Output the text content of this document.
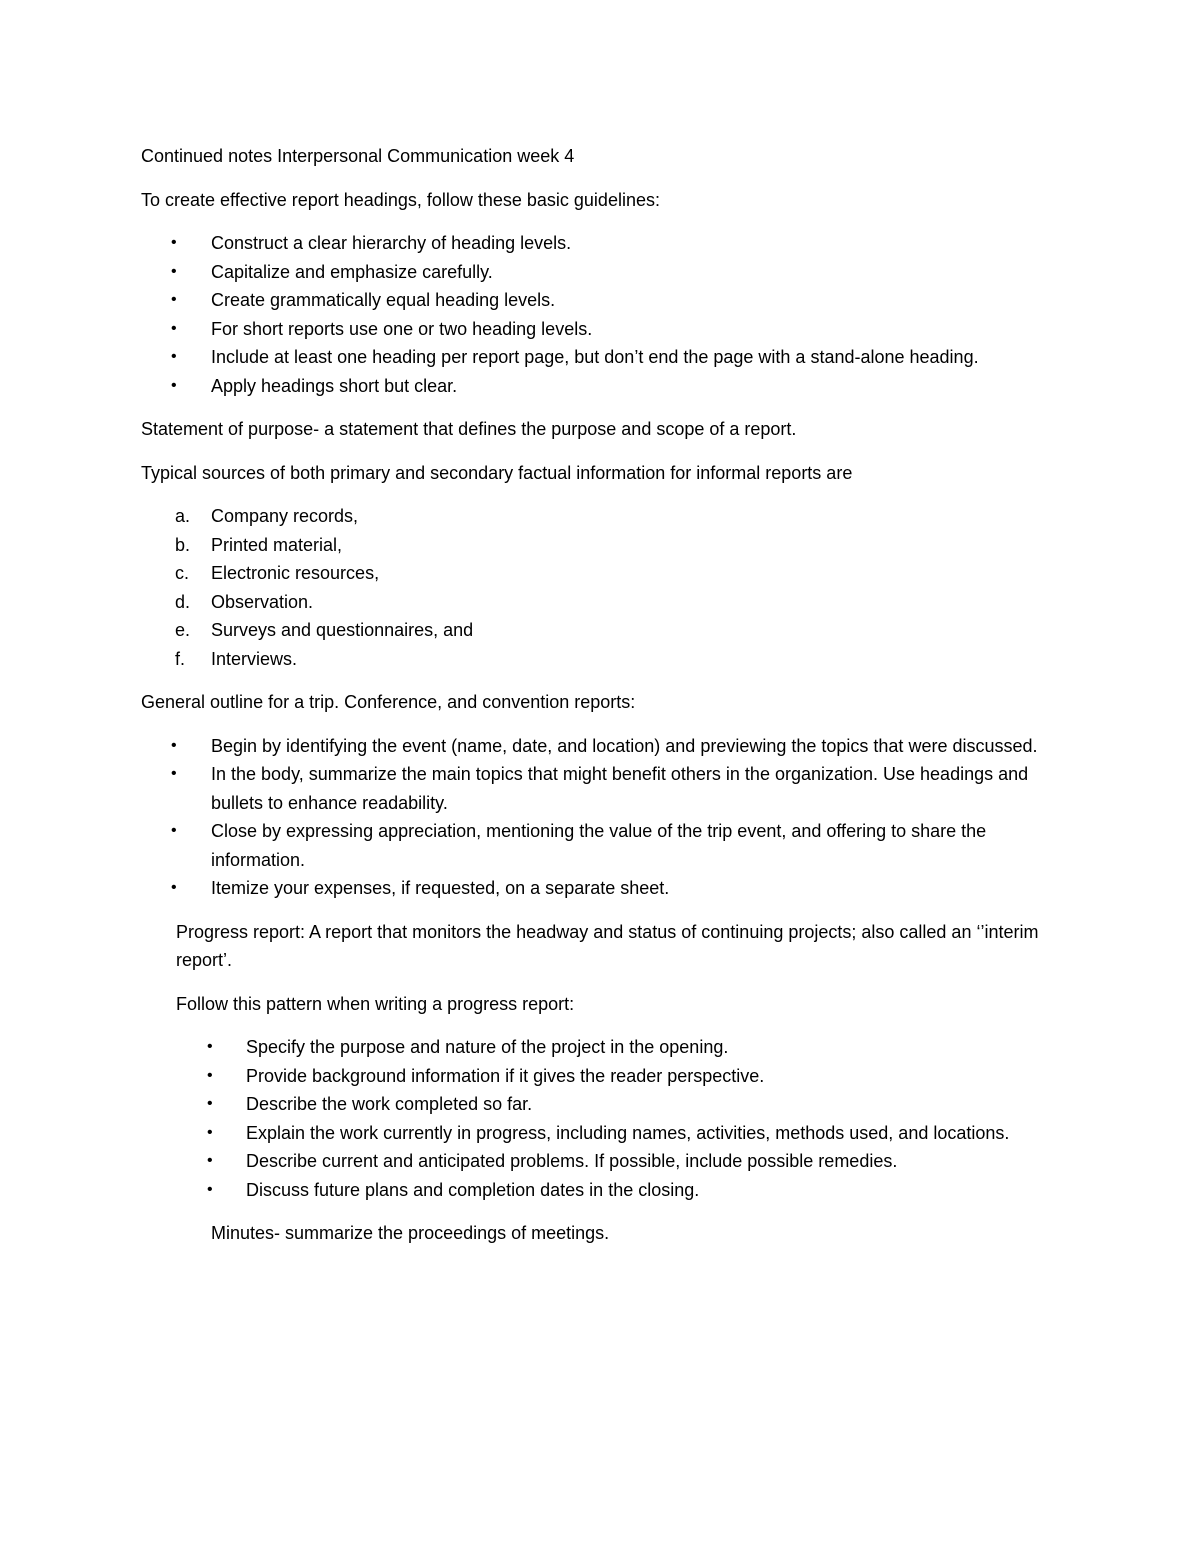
Continued notes Interpersonal Communication week 4

To create effective report headings, follow these basic guidelines:

• Construct a clear hierarchy of heading levels.
• Capitalize and emphasize carefully.
• Create grammatically equal heading levels.
• For short reports use one or two heading levels.
• Include at least one heading per report page, but don’t end the page with a stand-alone heading.
• Apply headings short but clear.

Statement of purpose- a statement that defines the purpose and scope of a report.

Typical sources of both primary and secondary factual information for informal reports are

a. Company records,
b. Printed material,
c. Electronic resources,
d. Observation.
e. Surveys and questionnaires, and
f. Interviews.

General outline for a trip. Conference, and convention reports:

• Begin by identifying the event (name, date, and location) and previewing the topics that were discussed.
• In the body, summarize the main topics that might benefit others in the organization. Use headings and bullets to enhance readability.
• Close by expressing appreciation, mentioning the value of the trip event, and offering to share the information.
• Itemize your expenses, if requested, on a separate sheet.

Progress report: A report that monitors the headway and status of continuing projects; also called an ‘’interim report’.

Follow this pattern when writing a progress report:

• Specify the purpose and nature of the project in the opening.
• Provide background information if it gives the reader perspective.
• Describe the work completed so far.
• Explain the work currently in progress, including names, activities, methods used, and locations.
• Describe current and anticipated problems. If possible, include possible remedies.
• Discuss future plans and completion dates in the closing.

Minutes- summarize the proceedings of meetings.
